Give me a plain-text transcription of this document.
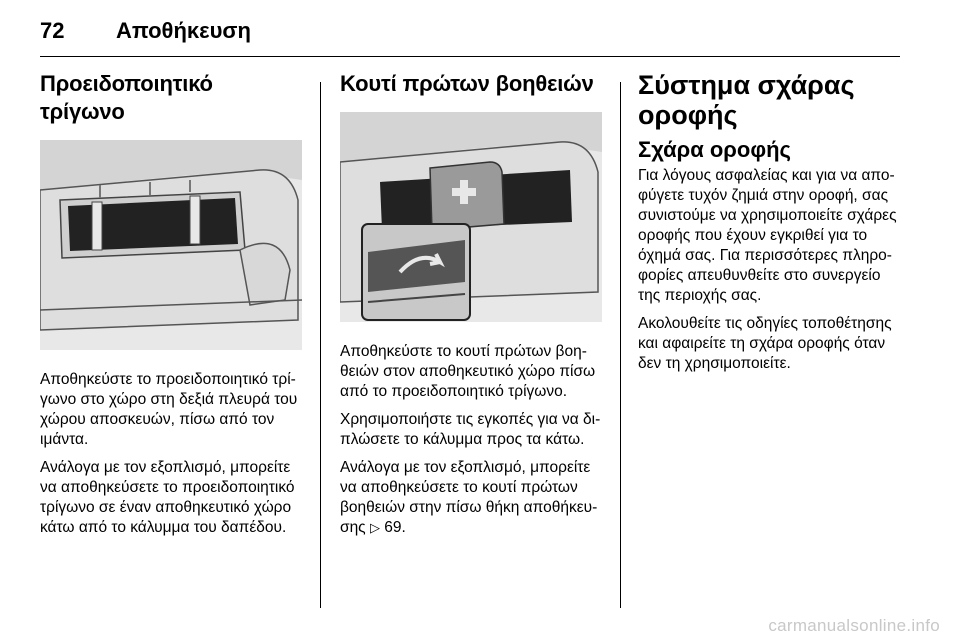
72 Αποθήκευση
Προειδοποιητικό τρίγωνο

Αποθηκεύστε το προειδοποιητικό τρί- γωνο στο χώρο στη δεξιά πλευρά του χώρου αποσκευών, πίσω από τον ιμάντα.

Ανάλογα με τον εξοπλισμό, μπορείτε να αποθηκεύσετε το προειδοποιητικό τρίγωνο σε έναν αποθηκευτικό χώρο κάτω από το κάλυμμα του δαπέδου.

Κουτί πρώτων βοηθειών

Αποθηκεύστε το κουτί πρώτων βοη- θειών στον αποθηκευτικό χώρο πίσω από το προειδοποιητικό τρίγωνο.

Χρησιμοποιήστε τις εγκοπές για να δι- πλώσετε το κάλυμμα προς τα κάτω.

Ανάλογα με τον εξοπλισμό, μπορείτε να αποθηκεύσετε το κουτί πρώτων βοηθειών στην πίσω θήκη αποθήκευ- σης ▷ 69.

Σύστημα σχάρας οροφής
Σχάρα οροφής

Για λόγους ασφαλείας και για να απο- φύγετε τυχόν ζημιά στην οροφή, σας συνιστούμε να χρησιμοποιείτε σχάρες οροφής που έχουν εγκριθεί για το όχημά σας. Για περισσότερες πληρο- φορίες απευθυνθείτε στο συνεργείο της περιοχής σας.

Ακολουθείτε τις οδηγίες τοποθέτησης και αφαιρείτε τη σχάρα οροφής όταν δεν τη χρησιμοποιείτε.

carmanualsonline.info
